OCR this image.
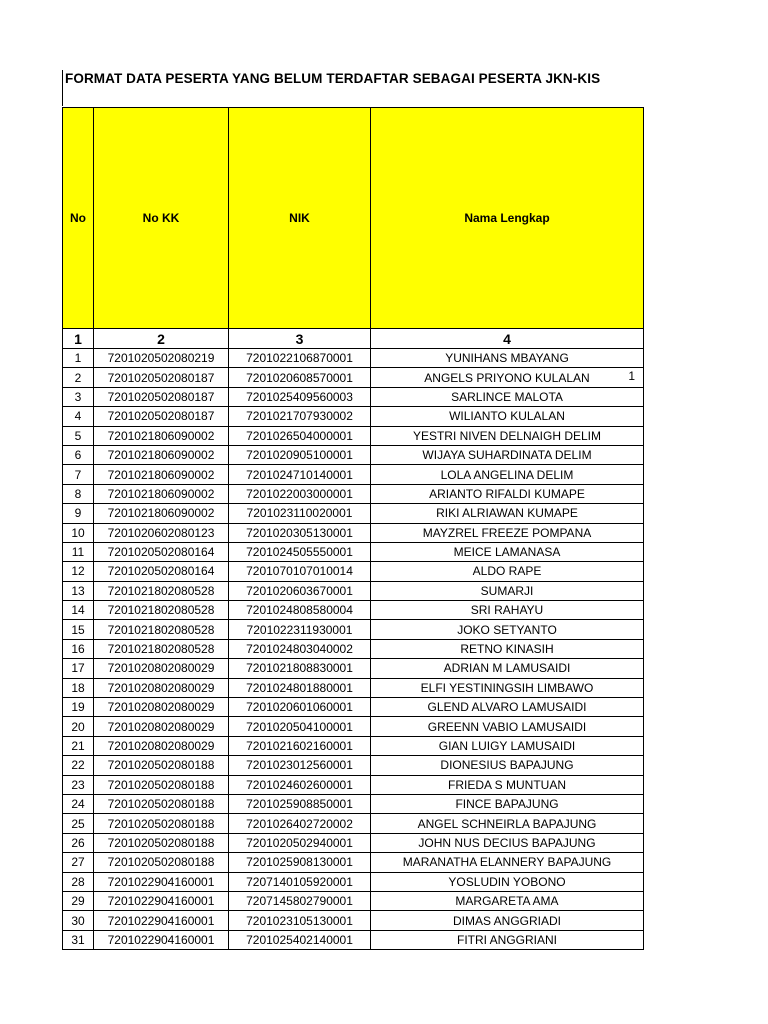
FORMAT DATA PESERTA YANG BELUM TERDAFTAR SEBAGAI PESERTA JKN-KIS
No	No KK	NIK	Nama Lengkap
1	2	3	4
1	7201020502080219	7201022106870001	YUNIHANS MBAYANG
2	7201020502080187	7201020608570001	ANGELS PRIYONO KULALAN 1

3	7201020502080187	7201025409560003	SARLINCE MALOTA
4	7201020502080187	7201021707930002	WILIANTO KULALAN
5	7201021806090002	7201026504000001	YESTRI NIVEN DELNAIGH DELIM
6	7201021806090002	7201020905100001	WIJAYA SUHARDINATA DELIM
7	7201021806090002	7201024710140001	LOLA ANGELINA DELIM
8	7201021806090002	7201022003000001	ARIANTO RIFALDI KUMAPE
9	7201021806090002	7201023110020001	RIKI ALRIAWAN KUMAPE
10	7201020602080123	7201020305130001	MAYZREL FREEZE POMPANA
11	7201020502080164	7201024505550001	MEICE LAMANASA
12	7201020502080164	7201070107010014	ALDO RAPE
13	7201021802080528	7201020603670001	SUMARJI
14	7201021802080528	7201024808580004	SRI RAHAYU
15	7201021802080528	7201022311930001	JOKO SETYANTO
16	7201021802080528	7201024803040002	RETNO KINASIH
17	7201020802080029	7201021808830001	ADRIAN M LAMUSAIDI
18	7201020802080029	7201024801880001	ELFI YESTININGSIH LIMBAWO
19	7201020802080029	7201020601060001	GLEND ALVARO LAMUSAIDI
20	7201020802080029	7201020504100001	GREENN VABIO LAMUSAIDI
21	7201020802080029	7201021602160001	GIAN LUIGY LAMUSAIDI
22	7201020502080188	7201023012560001	DIONESIUS BAPAJUNG
23	7201020502080188	7201024602600001	FRIEDA S MUNTUAN
24	7201020502080188	7201025908850001	FINCE BAPAJUNG
25	7201020502080188	7201026402720002	ANGEL SCHNEIRLA BAPAJUNG
26	7201020502080188	7201020502940001	JOHN NUS DECIUS BAPAJUNG
27	7201020502080188	7201025908130001	MARANATHA ELANNERY BAPAJUNG
28	7201022904160001	7207140105920001	YOSLUDIN YOBONO
29	7201022904160001	7207145802790001	MARGARETA AMA
30	7201022904160001	7201023105130001	DIMAS ANGGRIADI
31	7201022904160001	7201025402140001	FITRI ANGGRIANI
